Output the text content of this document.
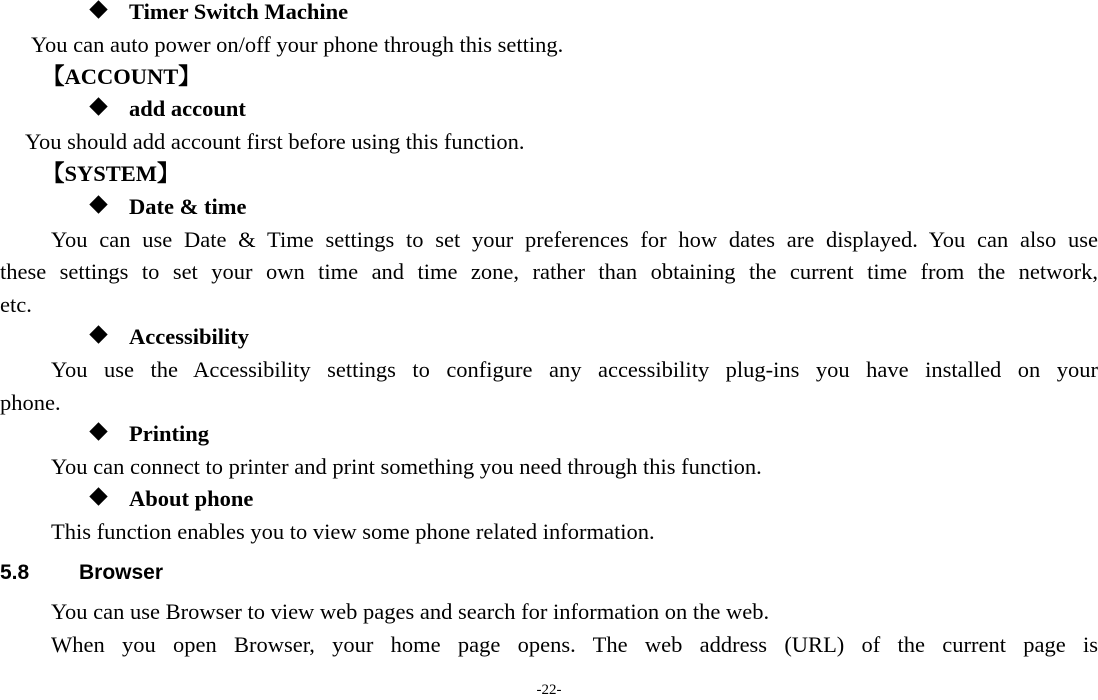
Timer Switch Machine
You can auto power on/off your phone through this setting.
【ACCOUNT】
add account
You should add account first before using this function.
【SYSTEM】
Date & time
You can use Date & Time settings to set your preferences for how dates are displayed. You can also use
these settings to set your own time and time zone, rather than obtaining the current time from the network,
etc.
Accessibility
You use the Accessibility settings to configure any accessibility plug-ins you have installed on your
phone.
Printing
You can connect to printer and print something you need through this function.
About phone
This function enables you to view some phone related information.
5.8 Browser
You can use Browser to view web pages and search for information on the web.
When you open Browser, your home page opens. The web address (URL) of the current page is
-22-
